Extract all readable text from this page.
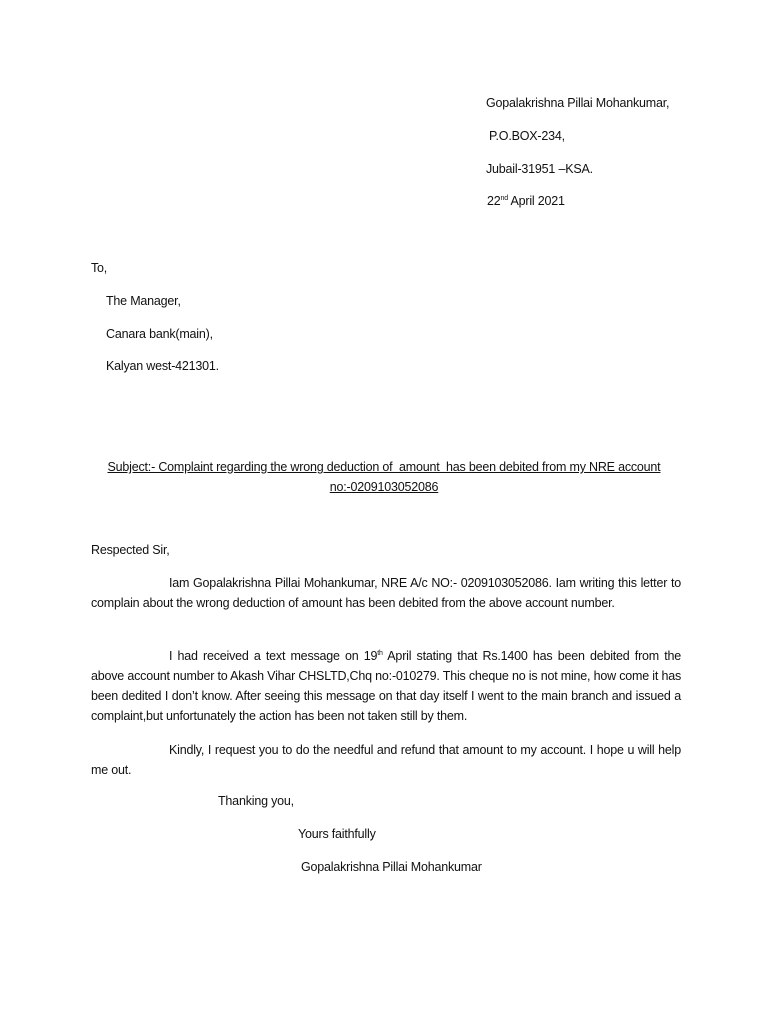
Gopalakrishna Pillai Mohankumar,
P.O.BOX-234,
Jubail-31951 –KSA.
22nd April 2021
To,
The Manager,
Canara bank(main),
Kalyan west-421301.
Subject:- Complaint regarding the wrong deduction of  amount  has been debited from my NRE account
no:-0209103052086
Respected Sir,
Iam Gopalakrishna Pillai Mohankumar, NRE A/c NO:- 0209103052086. Iam writing this letter to complain about the wrong deduction of amount has been debited from the above account number.
I had received a text message on 19th April stating that Rs.1400 has been debited from the above account number to Akash Vihar CHSLTD,Chq no:-010279. This cheque no is not mine, how come it has been dedited I don’t know. After seeing this message on that day itself I went to the main branch and issued a complaint,but unfortunately the action has been not taken still by them.
Kindly, I request you to do the needful and refund that amount to my account. I hope u will help me out.
Thanking you,
Yours faithfully
Gopalakrishna Pillai Mohankumar
